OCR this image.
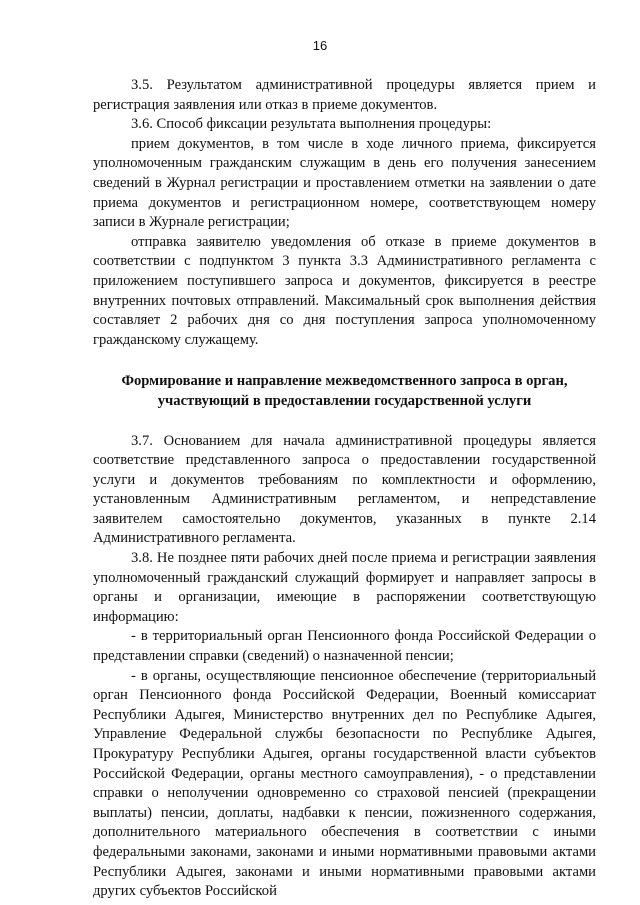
16

3.5. Результатом административной процедуры является прием и регистрация заявления или отказ в приеме документов.

3.6. Способ фиксации результата выполнения процедуры:

прием документов, в том числе в ходе личного приема, фиксируется уполномоченным гражданским служащим в день его получения занесением сведений в Журнал регистрации и проставлением отметки на заявлении о дате приема документов и регистрационном номере, соответствующем номеру записи в Журнале регистрации;

отправка заявителю уведомления об отказе в приеме документов в соответствии с подпунктом 3 пункта 3.3 Административного регламента с приложением поступившего запроса и документов, фиксируется в реестре внутренних почтовых отправлений. Максимальный срок выполнения действия составляет 2 рабочих дня со дня поступления запроса уполномоченному гражданскому служащему.

Формирование и направление межведомственного запроса в орган, участвующий в предоставлении государственной услуги

3.7. Основанием для начала административной процедуры является соответствие представленного запроса о предоставлении государственной услуги и документов требованиям по комплектности и оформлению, установленным Административным регламентом, и непредставление заявителем самостоятельно документов, указанных в пункте 2.14 Административного регламента.

3.8. Не позднее пяти рабочих дней после приема и регистрации заявления уполномоченный гражданский служащий формирует и направляет запросы в органы и организации, имеющие в распоряжении соответствующую информацию:

- в территориальный орган Пенсионного фонда Российской Федерации о представлении справки (сведений) о назначенной пенсии;

- в органы, осуществляющие пенсионное обеспечение (территориальный орган Пенсионного фонда Российской Федерации, Военный комиссариат Республики Адыгея, Министерство внутренних дел по Республике Адыгея, Управление Федеральной службы безопасности по Республике Адыгея, Прокуратуру Республики Адыгея, органы государственной власти субъектов Российской Федерации, органы местного самоуправления), - о представлении справки о неполучении одновременно со страховой пенсией (прекращении выплаты) пенсии, доплаты, надбавки к пенсии, пожизненного содержания, дополнительного материального обеспечения в соответствии с иными федеральными законами, законами и иными нормативными правовыми актами Республики Адыгея, законами и иными нормативными правовыми актами других субъектов Российской
